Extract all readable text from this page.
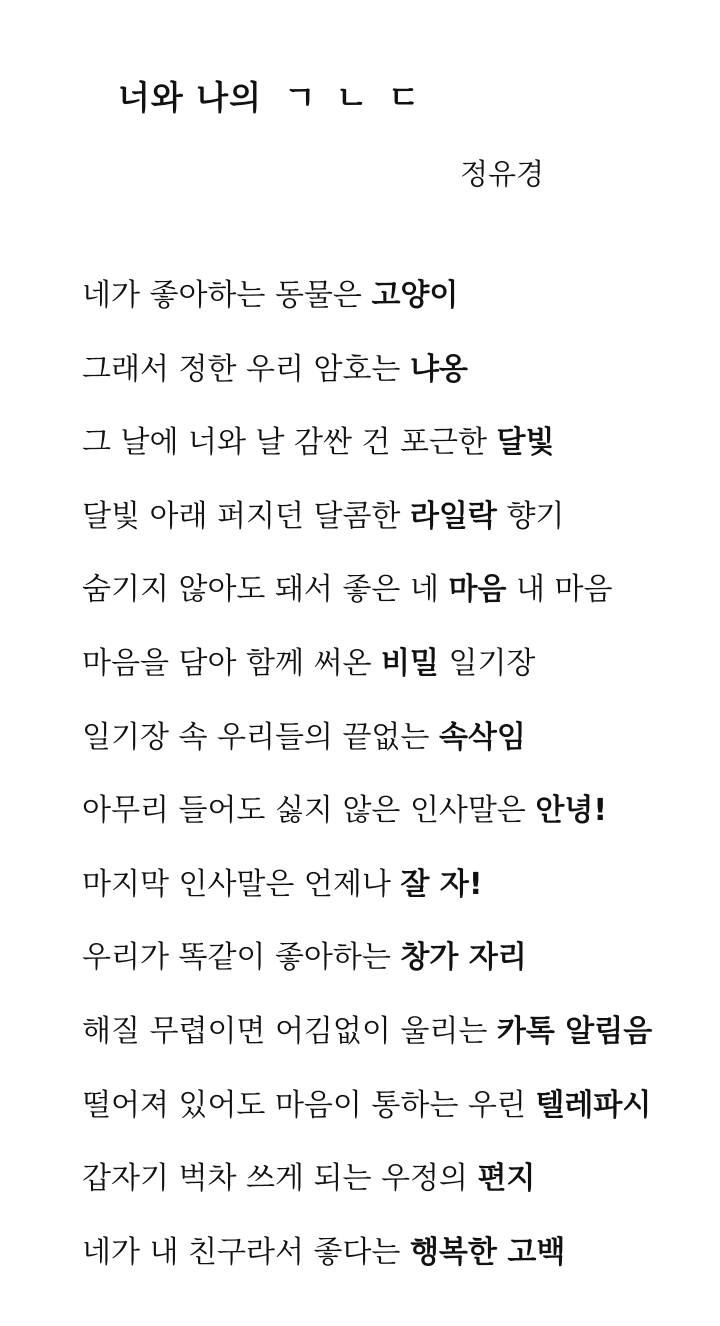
너와 나의 ㄱㄴㄷ
정유경
네가 좋아하는 동물은 고양이
그래서 정한 우리 암호는 냐옹
그 날에 너와 날 감싼 건 포근한 달빛
달빛 아래 퍼지던 달콤한 라일락 향기
숨기지 않아도 돼서 좋은 네 마음 내 마음
마음을 담아 함께 써온 비밀 일기장
일기장 속 우리들의 끝없는 속삭임
아무리 들어도 싫지 않은 인사말은 안녕!
마지막 인사말은 언제나 잘 자!
우리가 똑같이 좋아하는 창가 자리
해질 무렵이면 어김없이 울리는 카톡 알림음
떨어져 있어도 마음이 통하는 우린 텔레파시
갑자기 벅차 쓰게 되는 우정의 편지
네가 내 친구라서 좋다는 행복한 고백
